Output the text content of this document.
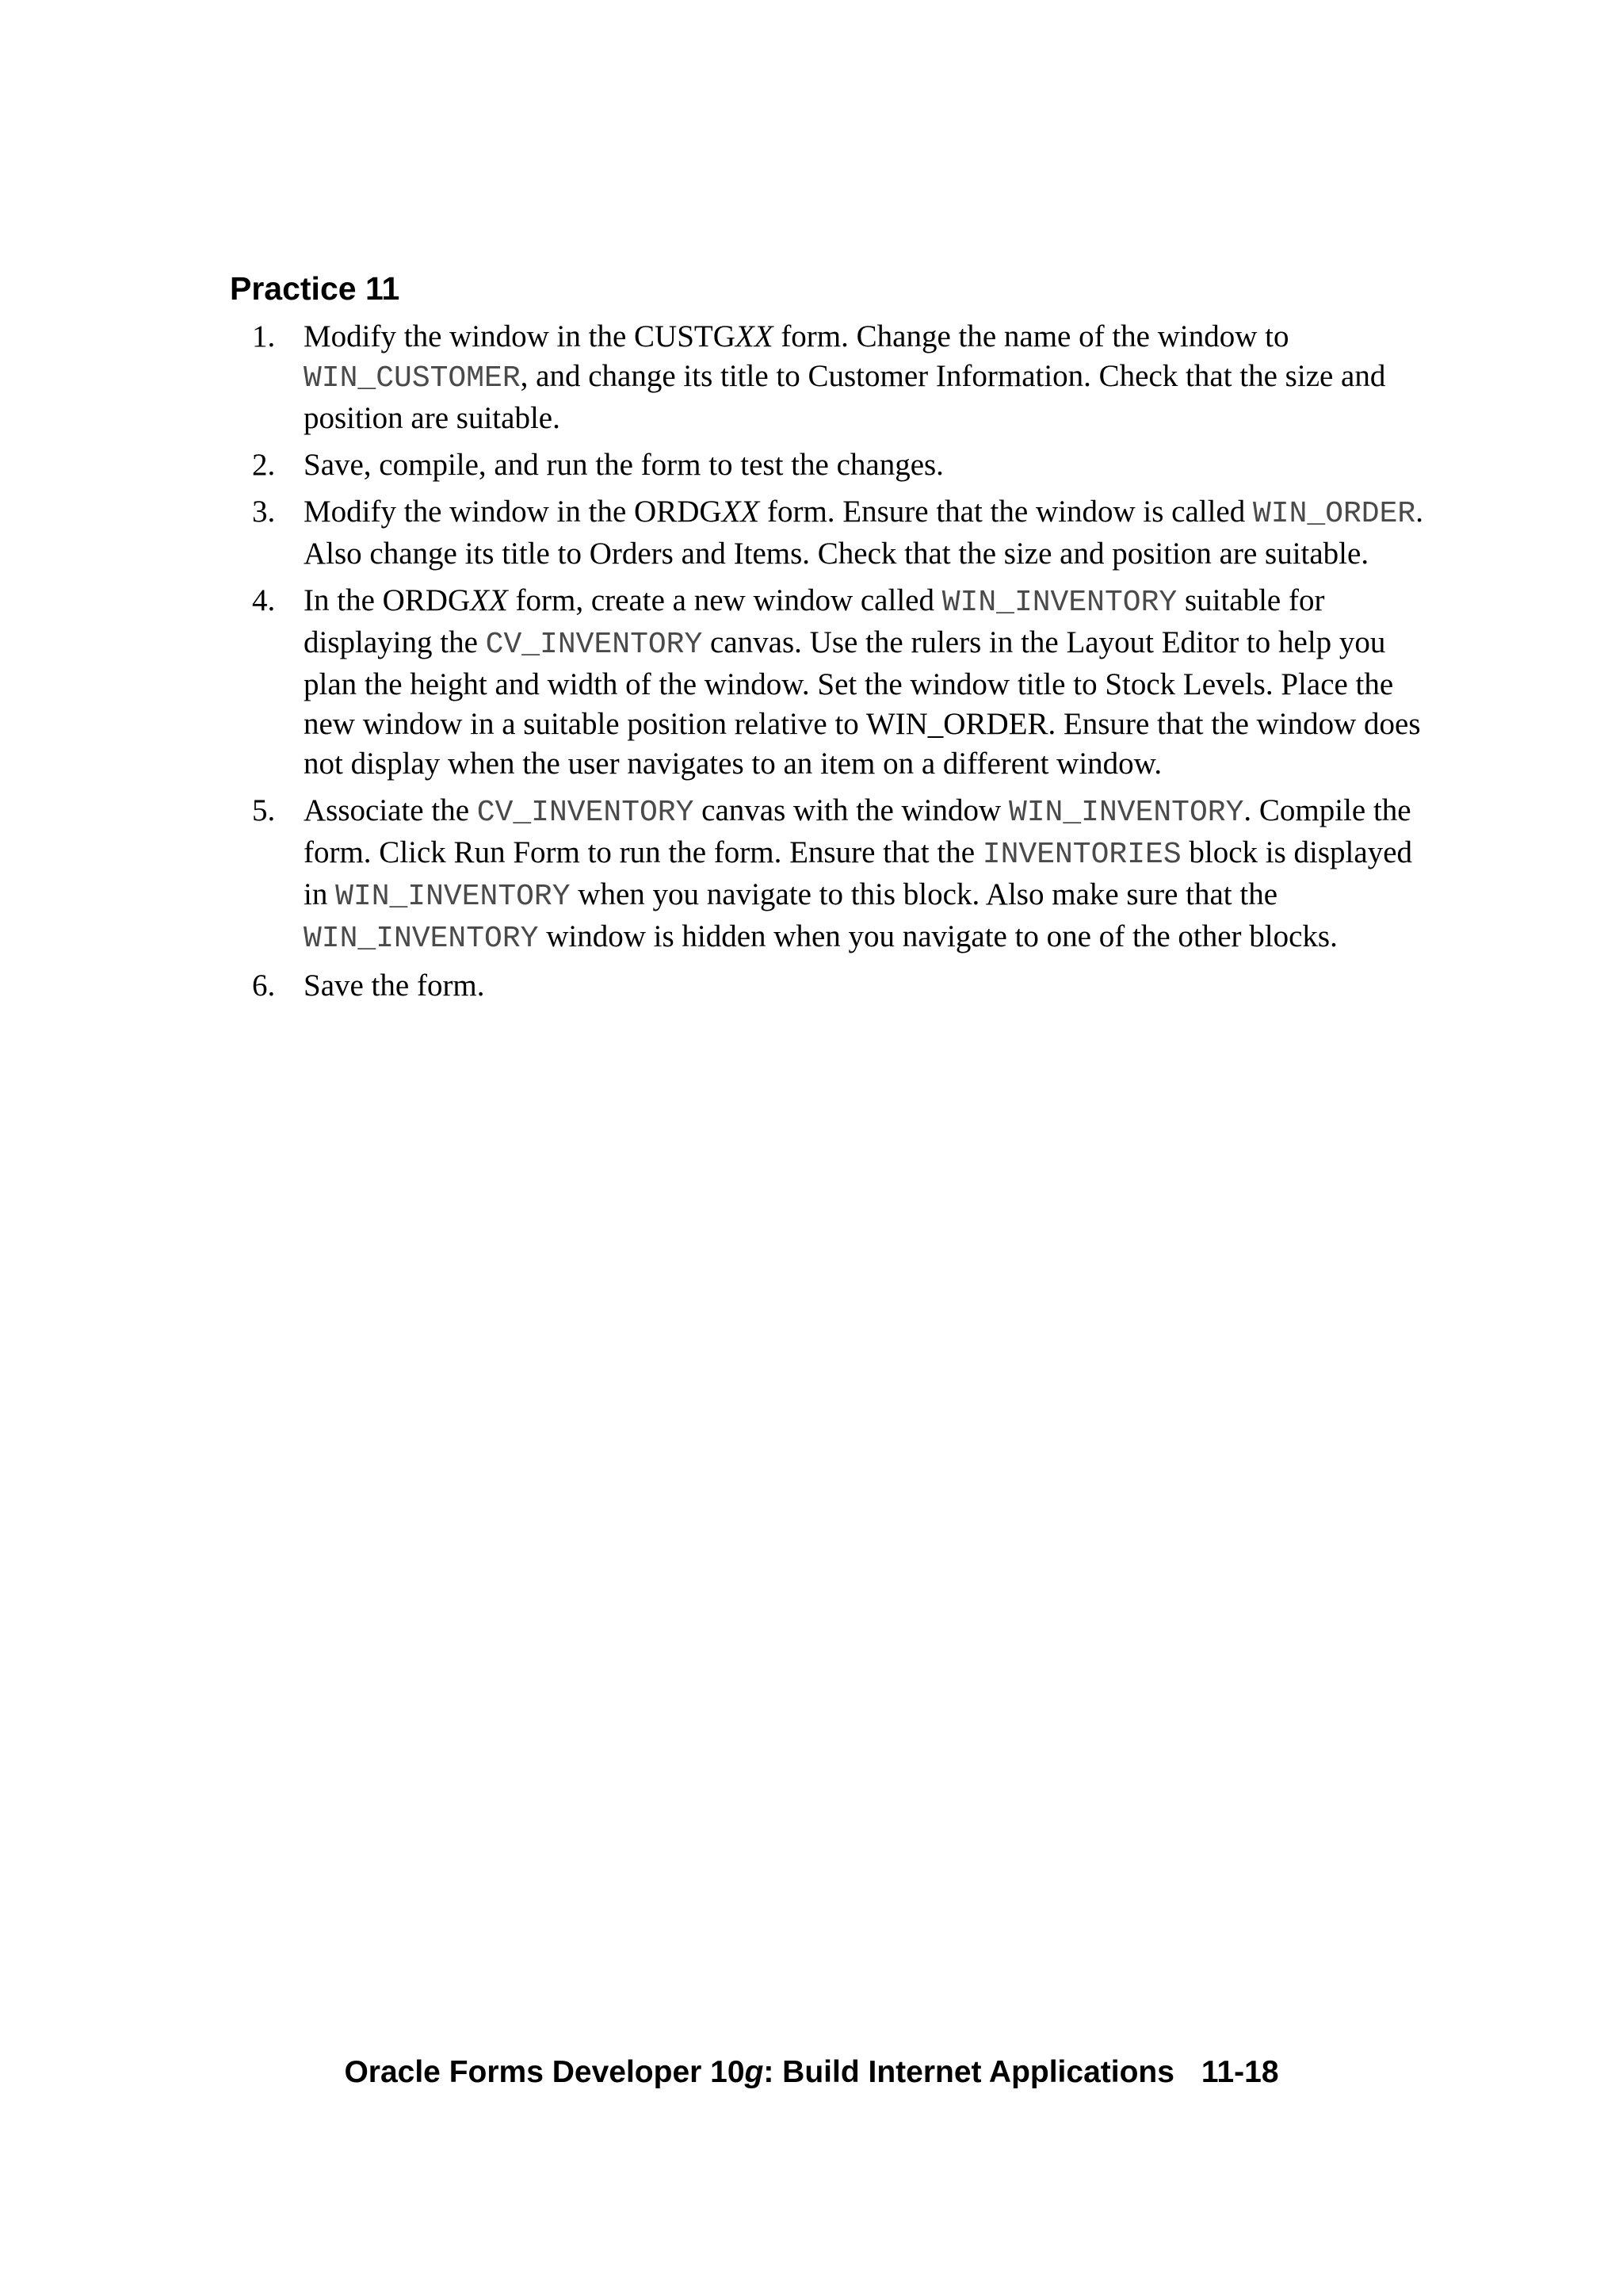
Practice 11
1. Modify the window in the CUSTGXX form. Change the name of the window to WIN_CUSTOMER, and change its title to Customer Information. Check that the size and position are suitable.
2. Save, compile, and run the form to test the changes.
3. Modify the window in the ORDGXX form. Ensure that the window is called WIN_ORDER. Also change its title to Orders and Items. Check that the size and position are suitable.
4. In the ORDGXX form, create a new window called WIN_INVENTORY suitable for displaying the CV_INVENTORY canvas. Use the rulers in the Layout Editor to help you plan the height and width of the window. Set the window title to Stock Levels. Place the new window in a suitable position relative to WIN_ORDER. Ensure that the window does not display when the user navigates to an item on a different window.
5. Associate the CV_INVENTORY canvas with the window WIN_INVENTORY. Compile the form. Click Run Form to run the form. Ensure that the INVENTORIES block is displayed in WIN_INVENTORY when you navigate to this block. Also make sure that the WIN_INVENTORY window is hidden when you navigate to one of the other blocks.
6. Save the form.
Oracle Forms Developer 10g: Build Internet Applications 11-18
